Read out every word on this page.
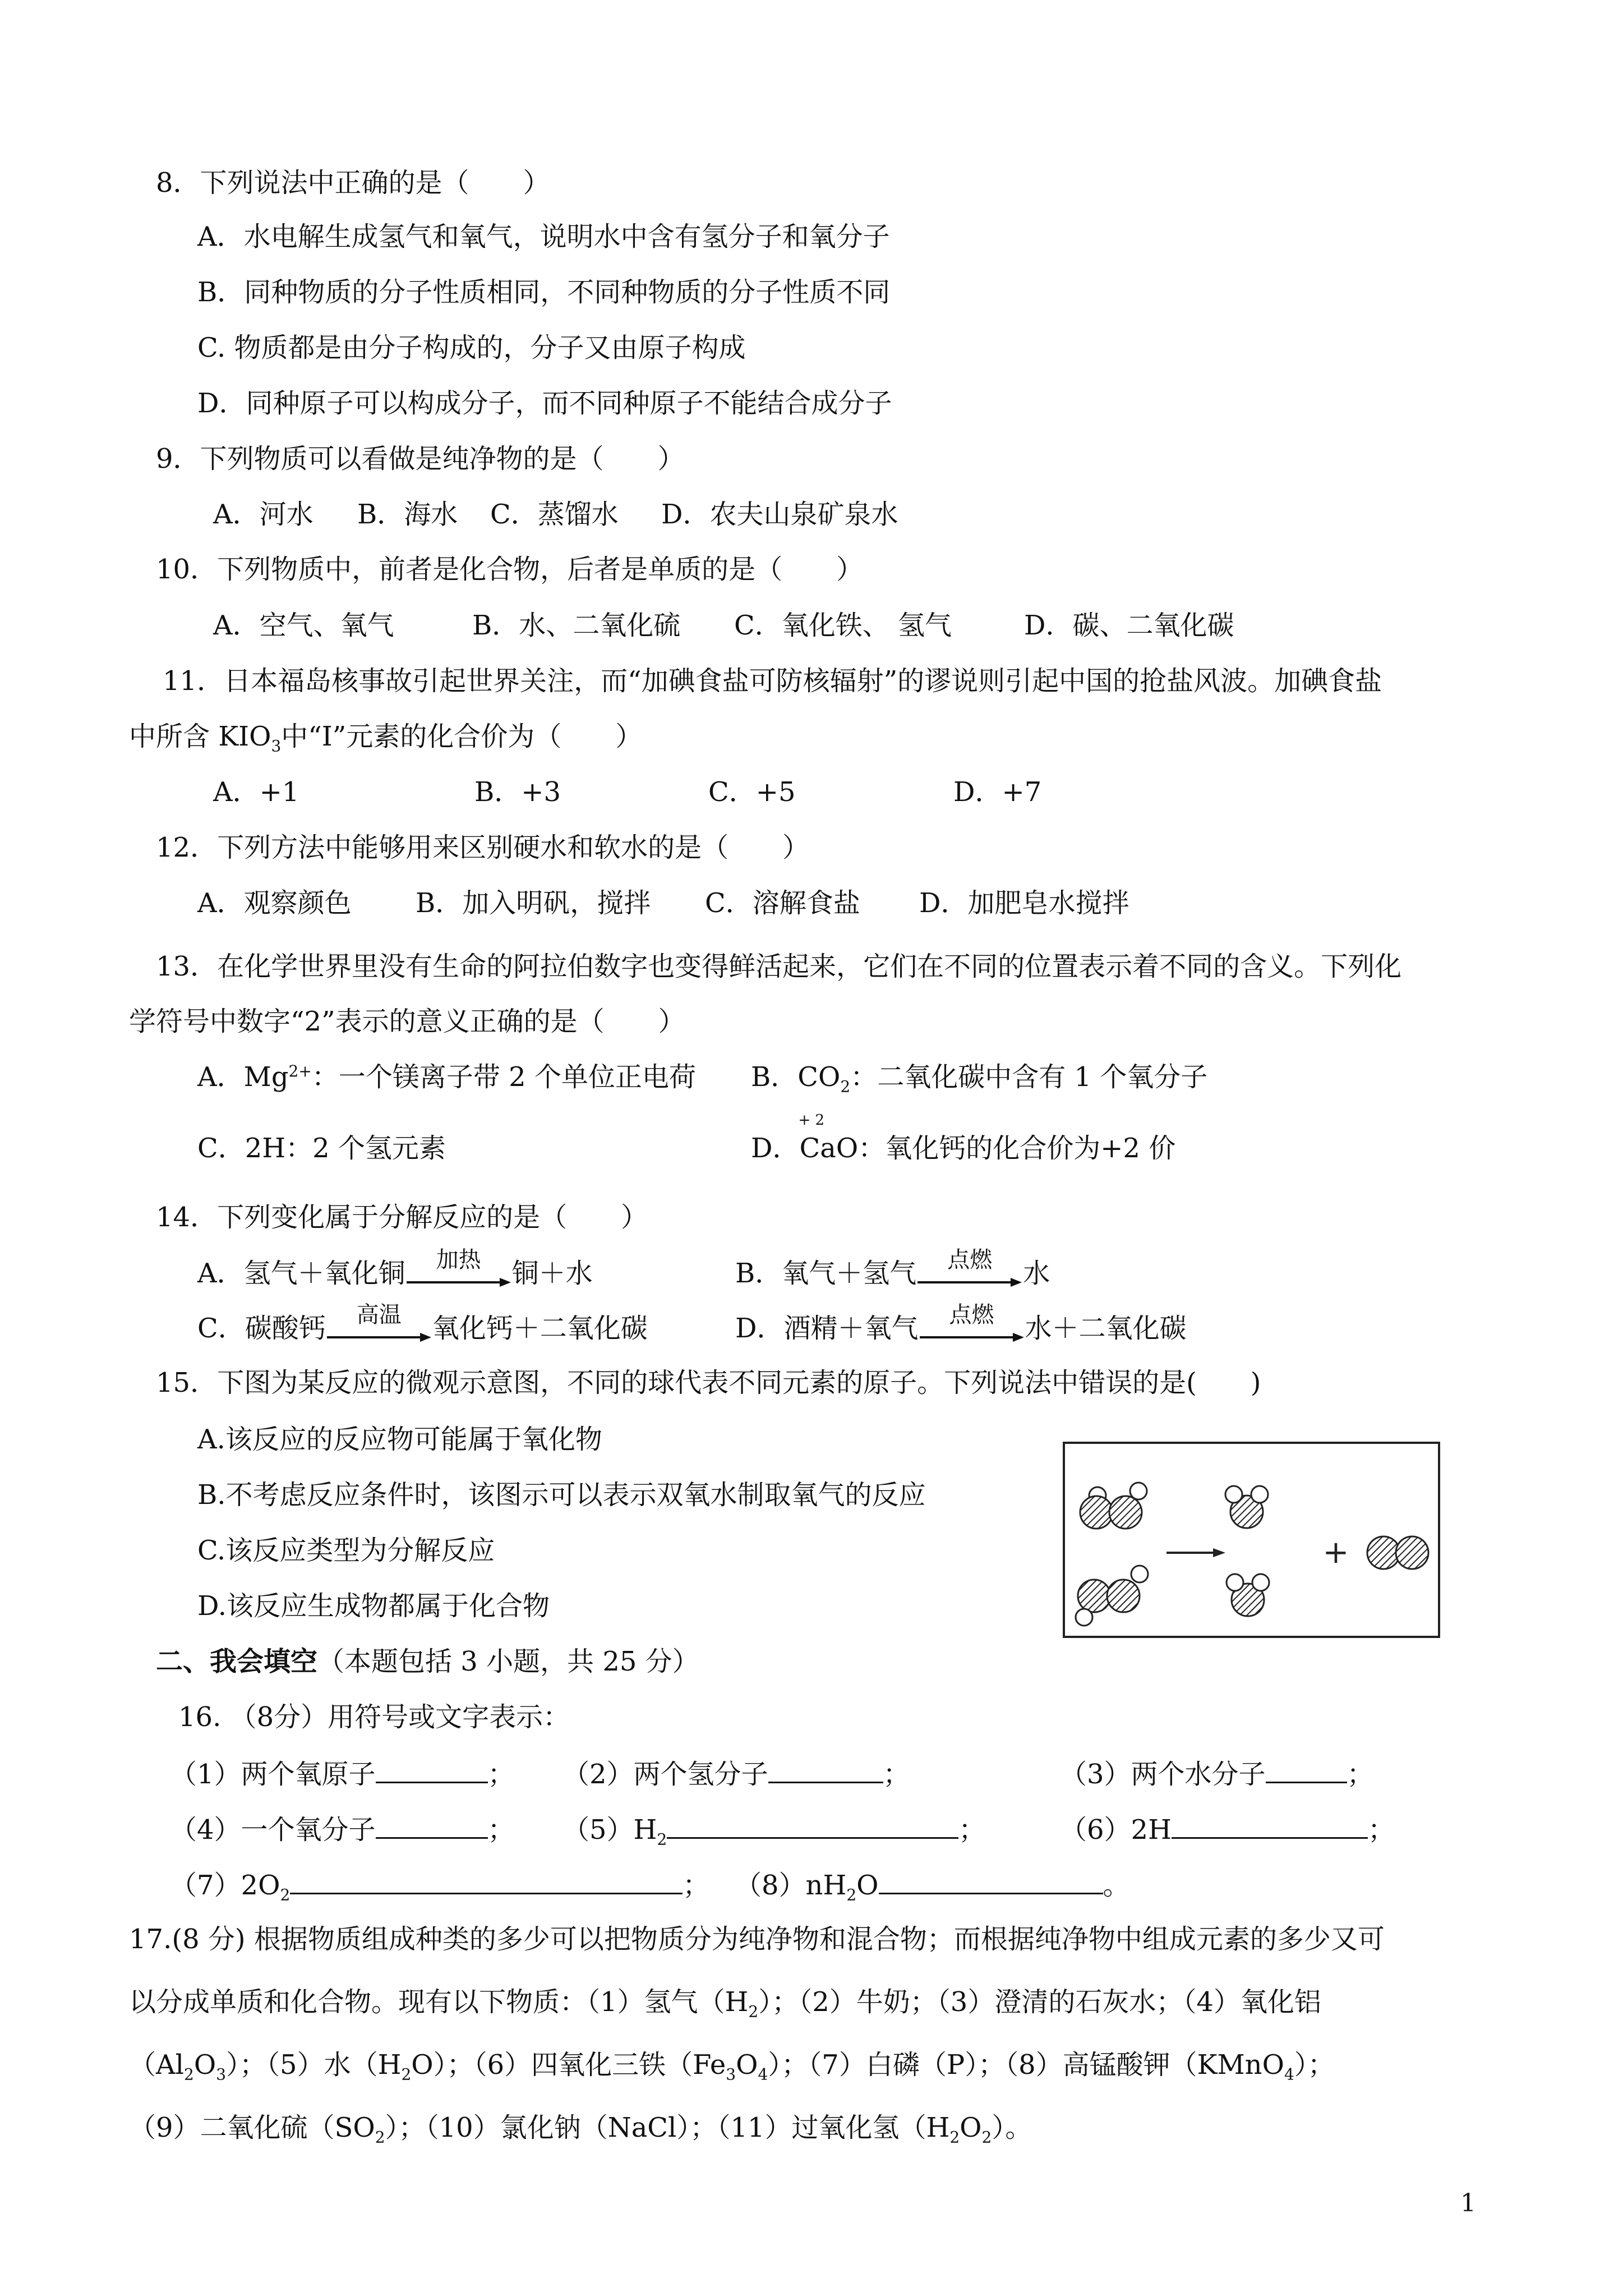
8．下列说法中正确的是（　　）
A．水电解生成氢气和氧气，说明水中含有氢分子和氧分子
B．同种物质的分子性质相同，不同种物质的分子性质不同
C. 物质都是由分子构成的，分子又由原子构成
D．同种原子可以构成分子，而不同种原子不能结合成分子
9．下列物质可以看做是纯净物的是（　　）
A．河水 B．海水 C．蒸馏水 D．农夫山泉矿泉水
10．下列物质中，前者是化合物，后者是单质的是（　　）
A．空气、氧气	B．水、二氧化硫 C．氧化铁、 氢气	D．碳、二氧化碳
11．日本福岛核事故引起世界关注，而“加碘食盐可防核辐射”的谬说则引起中国的抢盐风波。加碘食盐
中所含 $KIO_3$中“I”元素的化合价为（　　）
A．+1	B．+3	C．+5	D．+7
12．下列方法中能够用来区别硬水和软水的是（　　）
A．观察颜色 B．加入明矾，搅拌 C．溶解食盐 D．加肥皂水搅拌
13．在化学世界里没有生命的阿拉伯数字也变得鲜活起来，它们在不同的位置表示着不同的含义。下列化
学符号中数字“2”表示的意义正确的是（　　）
A．$Mg^{2+}$：一个镁离子带 2 个单位正电荷 B．$CO_2$：二氧化碳中含有 1 个氧分子
C．2H：2 个氢元素	D．
+ 2
CaO：氧化钙的化合价为+2 价
14．下列变化属于分解反应的是（　　）
A．氢气＋氧化铜	加热	铜＋水	B．氧气＋氢气	点燃	水
C．碳酸钙	高温	氧化钙＋二氧化碳	D．酒精＋氧气	点燃	水＋二氧化碳
15．下图为某反应的微观示意图，不同的球代表不同元素的原子。下列说法中错误的是(　　)
A.该反应的反应物可能属于氧化物
B.不考虑反应条件时，该图示可以表示双氧水制取氧气的反应
C.该反应类型为分解反应
D.该反应生成物都属于化合物
+
二、我会填空（本题包括 3 小题，共 25 分）
16. （8分）用符号或文字表示：
（1）两个氧原子	； （2）两个氢分子	；	（3）两个水分子	；
（4）一个氧分子	； $(5)H_2$	；	（6）2H	；
$(7)2O_2$	； $(8)nH_2O$	。
17.(8 分) 根据物质组成种类的多少可以把物质分为纯净物和混合物；而根据纯净物中组成元素的多少又可
以分成单质和化合物。现有以下物质：（1）氢气$(H_2)$；（2）牛奶；（3）澄清的石灰水；（4）氧化铝
$(Al_2O_3)$；（5）水$(H_2O)$；（6）四氧化三铁$(Fe_3O_4)$；（7）白磷（P）；（8）高锰酸钾（KMnO$_4$）；
（9）二氧化硫$(SO_2)$；（10）氯化钠（NaCl）；（11）过氧化氢$(H_2O_2)$。
1
